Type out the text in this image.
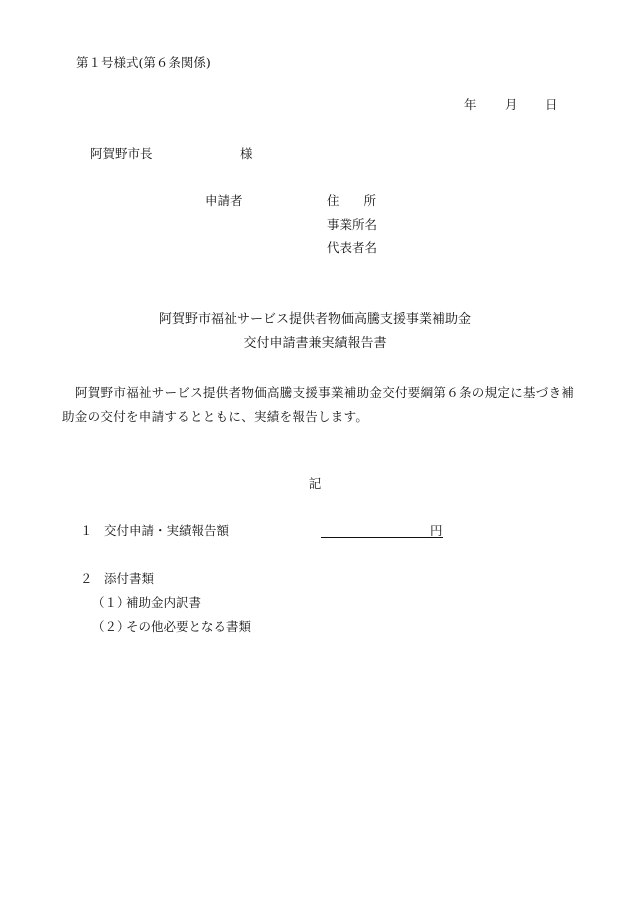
第１号様式(第６条関係)
年 月 日
阿賀野市長	様
申請者	住 所
事業所名
代表者名
阿賀野市福祉サービス提供者物価高騰支援事業補助金
交付申請書兼実績報告書
阿賀野市福祉サービス提供者物価高騰支援事業補助金交付要綱第６条の規定に基づき補助金の交付を申請するとともに、実績を報告します。
記
１ 交付申請・実績報告額	円
２ 添付書類
（１）補助金内訳書
（２）その他必要となる書類
